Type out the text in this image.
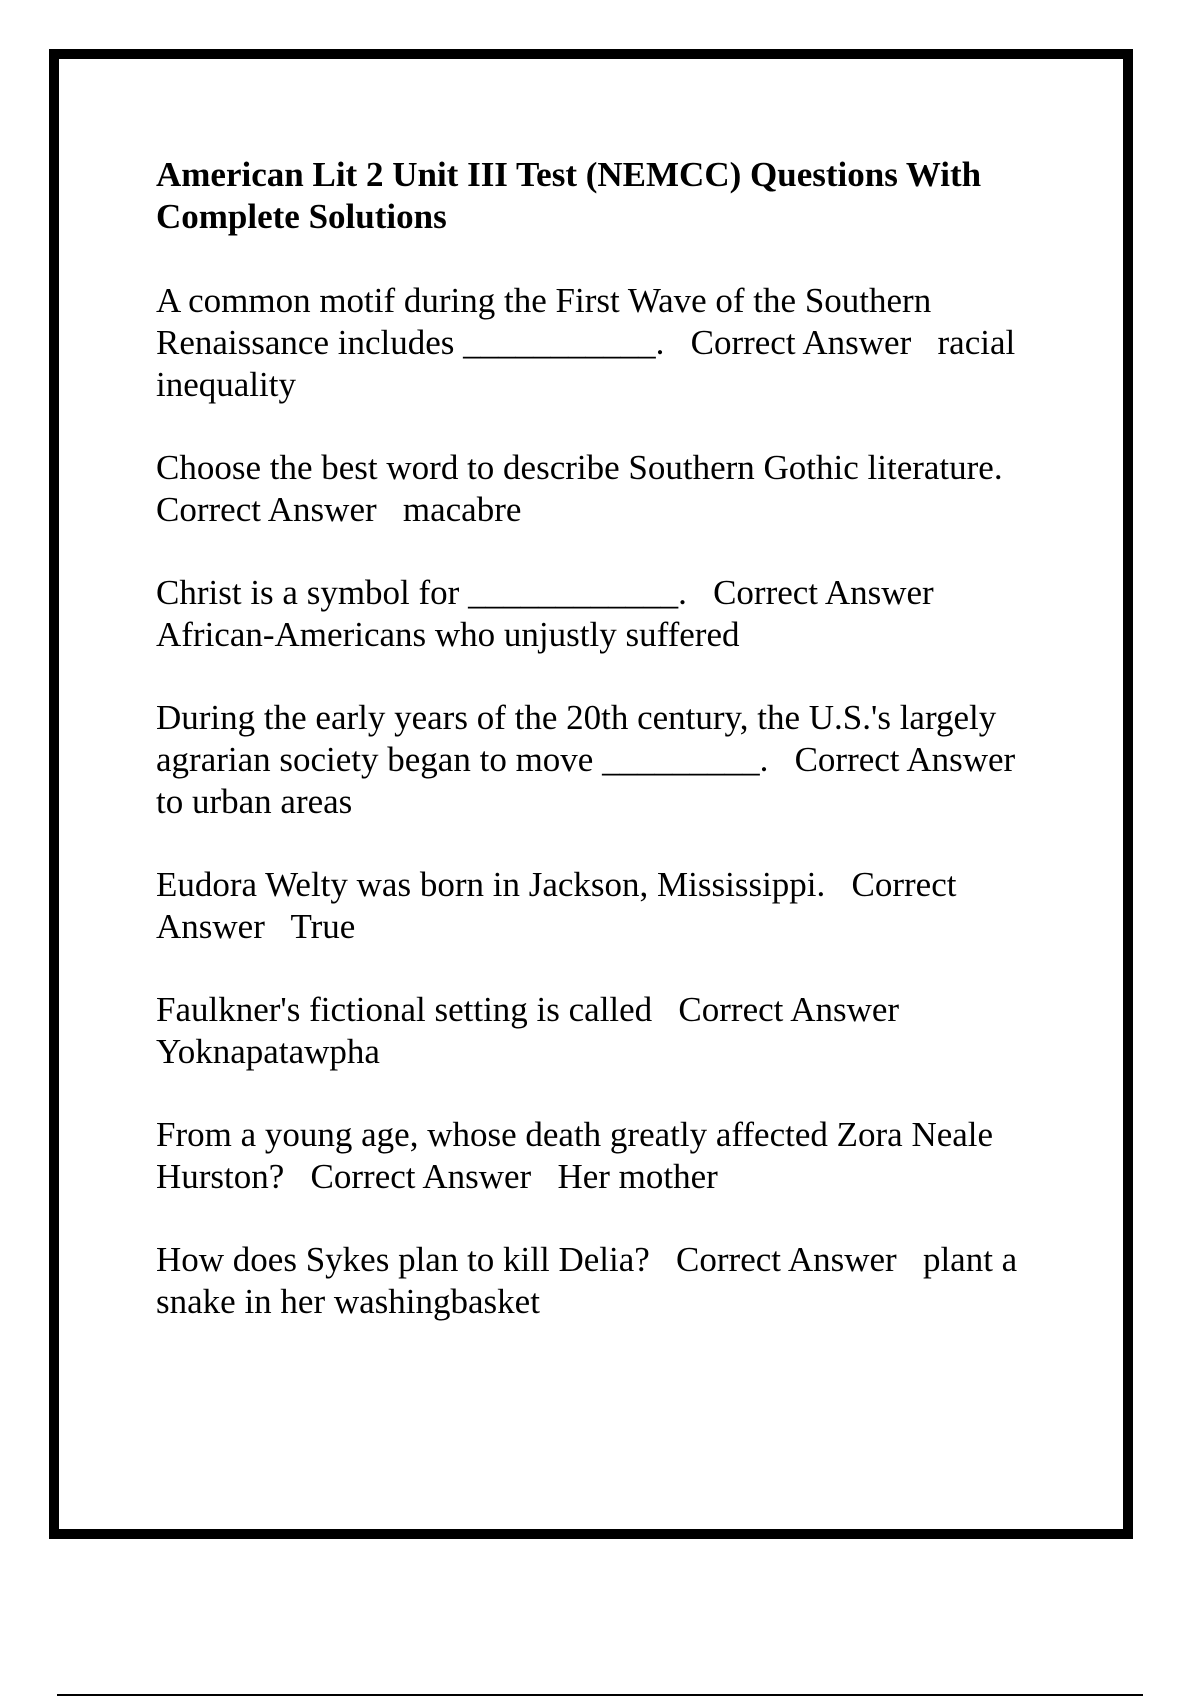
American Lit 2 Unit III Test (NEMCC) Questions With Complete Solutions
A common motif during the First Wave of the Southern Renaissance includes ___________.   Correct Answer   racial inequality
Choose the best word to describe Southern Gothic literature.   Correct Answer   macabre
Christ is a symbol for ____________.   Correct Answer   African-Americans who unjustly suffered
During the early years of the 20th century, the U.S.'s largely agrarian society began to move _________.   Correct Answer   to urban areas
Eudora Welty was born in Jackson, Mississippi.   Correct Answer   True
Faulkner's fictional setting is called   Correct Answer   Yoknapatawpha
From a young age, whose death greatly affected Zora Neale Hurston?   Correct Answer   Her mother
How does Sykes plan to kill Delia?   Correct Answer   plant a snake in her washingbasket
